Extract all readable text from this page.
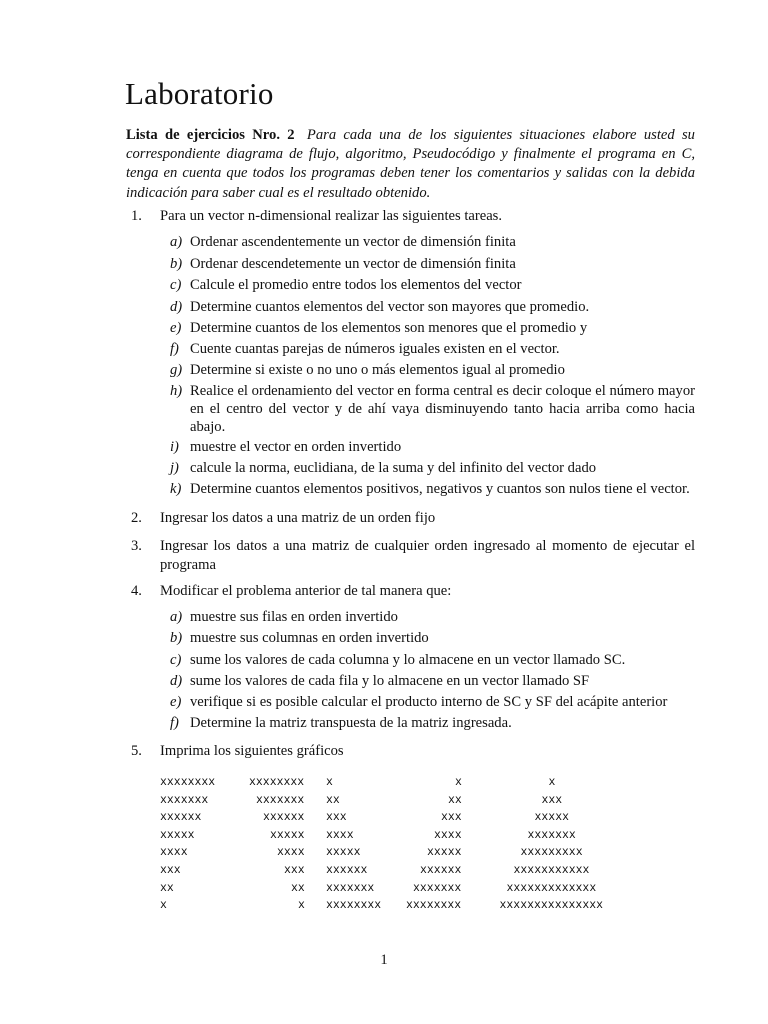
Laboratorio

Lista de ejercicios Nro. 2 Para cada una de los siguientes situaciones elabore usted su correspondiente diagrama de flujo, algoritmo, Pseudocódigo y finalmente el programa en C, tenga en cuenta que todos los programas deben tener los comentarios y salidas con la debida indicación para saber cual es el resultado obtenido.

1.	Para un vector n-dimensional realizar las siguientes tareas.
a) Ordenar ascendentemente un vector de dimensión finita
b) Ordenar descendetemente un vector de dimensión finita
c) Calcule el promedio entre todos los elementos del vector
d) Determine cuantos elementos del vector son mayores que promedio.
e) Determine cuantos de los elementos son menores que el promedio y
f) Cuente cuantas parejas de números iguales existen en el vector.
g) Determine si existe o no uno o más elementos igual al promedio
h) Realice el ordenamiento del vector en forma central es decir coloque el número mayor en el centro del vector y de ahí vaya disminuyendo tanto hacia arriba como hacia abajo.
i) muestre el vector en orden invertido
j) calcule la norma, euclidiana, de la suma y del infinito del vector dado
k) Determine cuantos elementos positivos, negativos y cuantos son nulos tiene el vector.
2.	Ingresar los datos a una matriz de un orden fijo
3.	Ingresar los datos a una matriz de cualquier orden ingresado al momento de ejecutar el programa
4.	Modificar el problema anterior de tal manera que:
a) muestre sus filas en orden invertido
b) muestre sus columnas en orden invertido
c) sume los valores de cada columna y lo almacene en un vector llamado SC.
d) sume los valores de cada fila y lo almacene en un vector llamado SF
e) verifique si es posible calcular el producto interno de SC y SF del acápite anterior
f) Determine la matriz transpuesta de la matriz ingresada.
5.	Imprima los siguientes gráficos
xxxxxxxx	xxxxxxxx x	x	x
xxxxxxx	xxxxxxx xx	xx	xxx
xxxxxx	xxxxxx xxx	xxx	xxxxx
xxxxx	xxxxx xxxx	xxxx	xxxxxxx
xxxx	xxxx xxxxx	xxxxx	xxxxxxxxx
xxx	xxx xxxxxx	xxxxxx	xxxxxxxxxxx
xx	xx xxxxxxx	xxxxxxx	xxxxxxxxxxxxx
x	x xxxxxxxx xxxxxxxx	xxxxxxxxxxxxxxx
1
